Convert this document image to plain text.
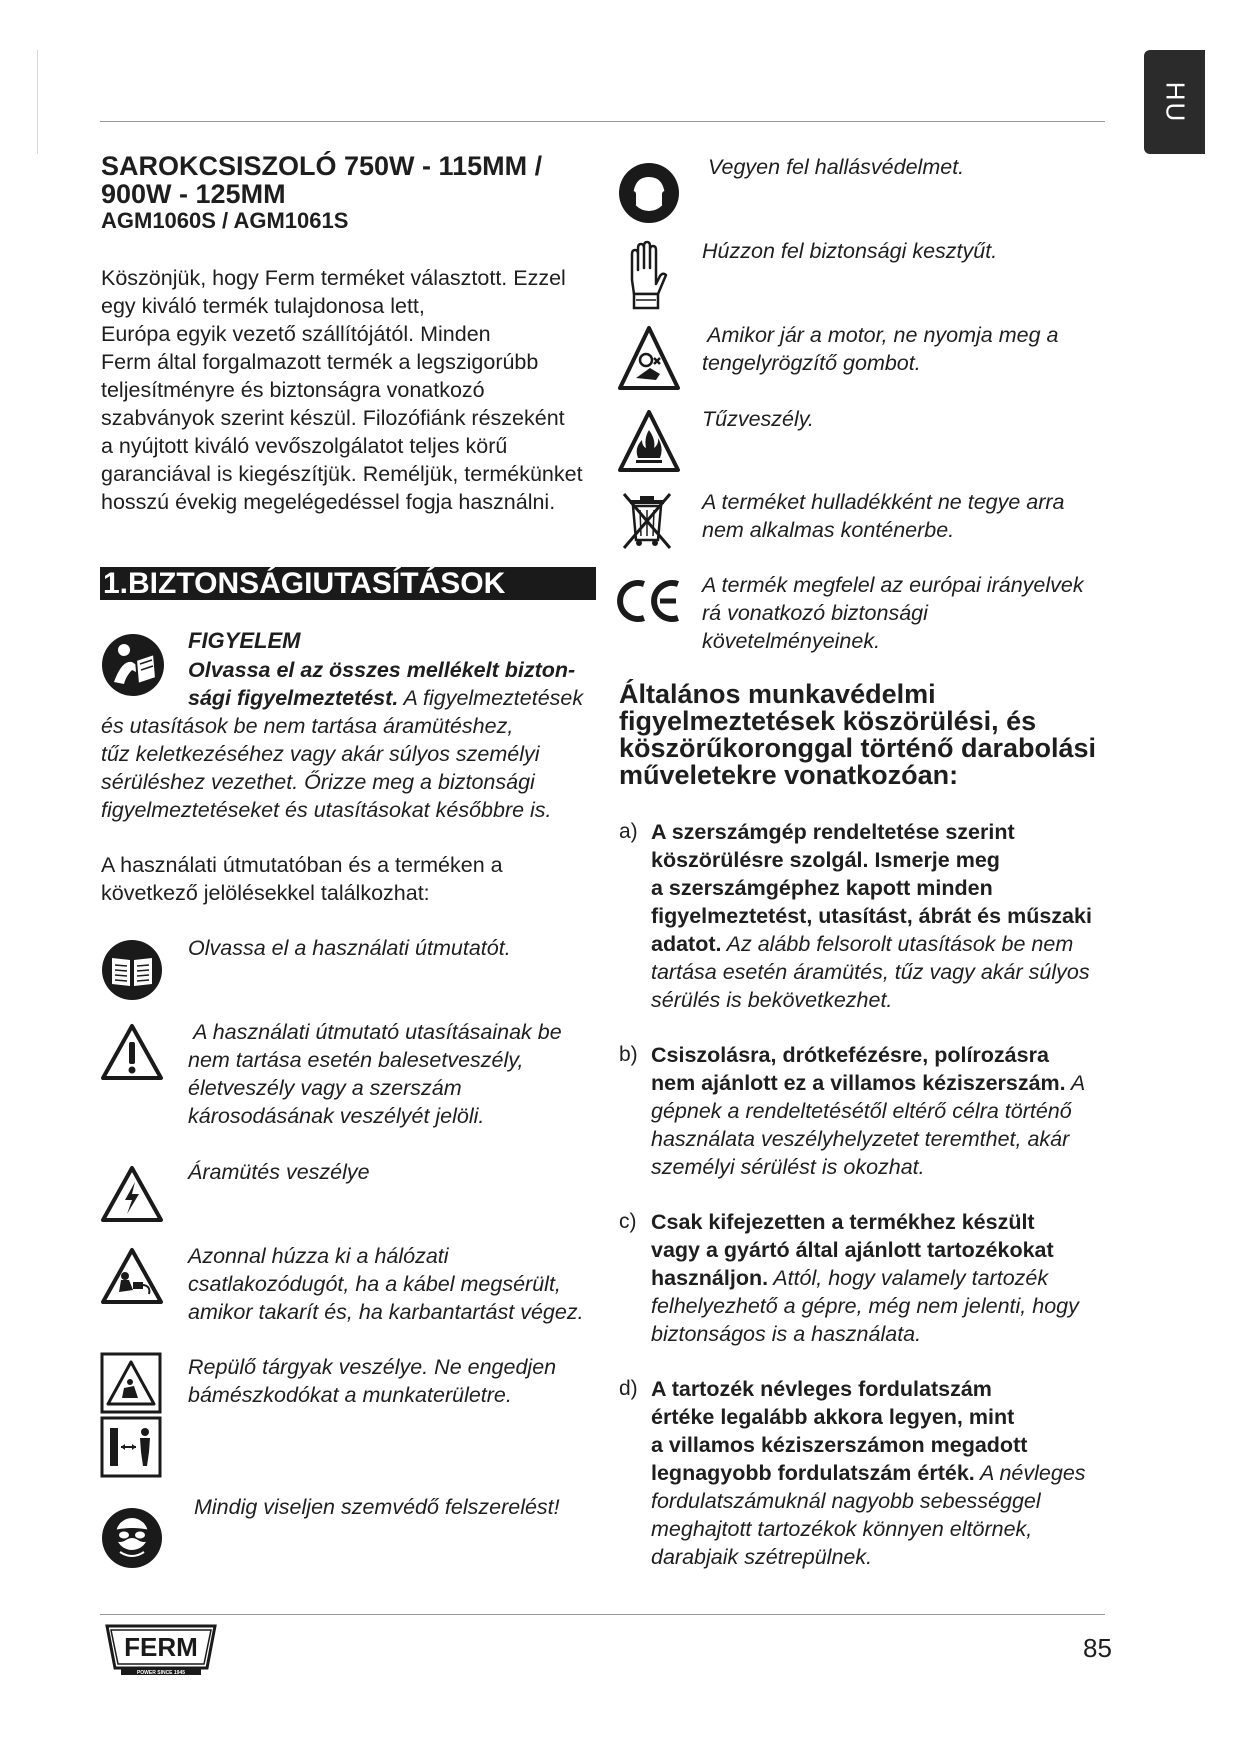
HU
SAROKCSISZOLÓ 750W - 115MM /
900W - 125MM
AGM1060S / AGM1061S
Köszönjük, hogy Ferm terméket választott. Ezzel
egy kiváló termék tulajdonosa lett,
Európa egyik vezető szállítójától. Minden
Ferm által forgalmazott termék a legszigorúbb
teljesítményre és biztonságra vonatkozó
szabványok szerint készül. Filozófiánk részeként
a nyújtott kiváló vevőszolgálatot teljes körű
garanciával is kiegészítjük. Reméljük, termékünket
hosszú évekig megelégedéssel fogja használni.
1.BIZTONSÁGIUTASÍTÁSOK
FIGYELEM
Olvassa el az összes mellékelt bizton-
sági figyelmeztetést. A figyelmeztetések
és utasítások be nem tartása áramütéshez,
tűz keletkezéséhez vagy akár súlyos személyi
sérüléshez vezethet. Őrizze meg a biztonsági
figyelmeztetéseket és utasításokat későbbre is.
A használati útmutatóban és a terméken a
következő jelölésekkel találkozhat:
Olvassa el a használati útmutatót.
A használati útmutató utasításainak be
nem tartása esetén balesetveszély,
életveszély vagy a szerszám
károsodásának veszélyét jelöli.
Áramütés veszélye
Azonnal húzza ki a hálózati
csatlakozódugót, ha a kábel megsérült,
amikor takarít és, ha karbantartást végez.
Repülő tárgyak veszélye. Ne engedjen
bámészkodókat a munkaterületre.
Mindig viseljen szemvédő felszerelést!
Vegyen fel hallásvédelmet.
Húzzon fel biztonsági kesztyűt.
Amikor jár a motor, ne nyomja meg a
tengelyrögzítő gombot.
Tűzveszély.
A terméket hulladékként ne tegye arra
nem alkalmas konténerbe.
A termék megfelel az európai irányelvek
rá vonatkozó biztonsági
követelményeinek.
Általános munkavédelmi
figyelmeztetések köszörülési, és
köszörűkoronggal történő darabolási
műveletekre vonatkozóan:
a) A szerszámgép rendeltetése szerint
köszörülésre szolgál. Ismerje meg
a szerszámgéphez kapott minden
figyelmeztetést, utasítást, ábrát és műszaki
adatot. Az alább felsorolt utasítások be nem
tartása esetén áramütés, tűz vagy akár súlyos
sérülés is bekövetkezhet.
b) Csiszolásra, drótkefézésre, polírozásra
nem ajánlott ez a villamos kéziszerszám. A
gépnek a rendeltetésétől eltérő célra történő
használata veszélyhelyzetet teremthet, akár
személyi sérülést is okozhat.
c) Csak kifejezetten a termékhez készült
vagy a gyártó által ajánlott tartozékokat
használjon. Attól, hogy valamely tartozék
felhelyezhető a gépre, még nem jelenti, hogy
biztonságos is a használata.
d) A tartozék névleges fordulatszám
értéke legalább akkora legyen, mint
a villamos kéziszerszámon megadott
legnagyobb fordulatszám érték. A névleges
fordulatszámuknál nagyobb sebességgel
meghajtott tartozékok könnyen eltörnek,
darabjaik szétrepülnek.
FERM
POWER SINCE 1945
85
